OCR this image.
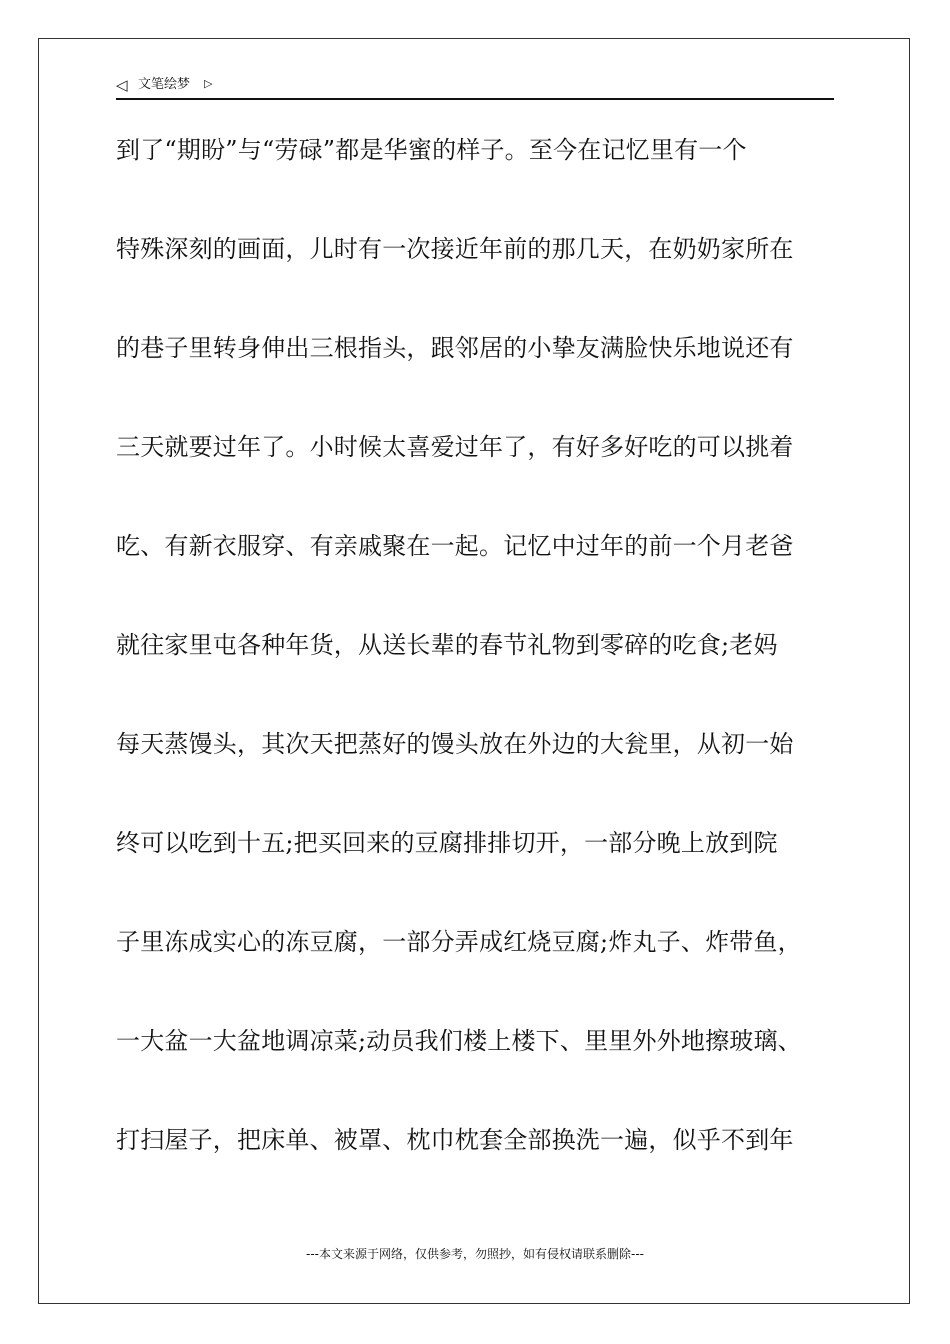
◁ 文笔绘梦 ▷
到了“期盼”与“劳碌”都是华蜜的样子。至今在记忆里有一个
特殊深刻的画面，儿时有一次接近年前的那几天，在奶奶家所在
的巷子里转身伸出三根指头，跟邻居的小挚友满脸快乐地说还有
三天就要过年了。小时候太喜爱过年了，有好多好吃的可以挑着
吃、有新衣服穿、有亲戚聚在一起。记忆中过年的前一个月老爸
就往家里屯各种年货，从送长辈的春节礼物到零碎的吃食;老妈
每天蒸馒头，其次天把蒸好的馒头放在外边的大瓮里，从初一始
终可以吃到十五;把买回来的豆腐排排切开，一部分晚上放到院
子里冻成实心的冻豆腐，一部分弄成红烧豆腐;炸丸子、炸带鱼，
一大盆一大盆地调凉菜;动员我们楼上楼下、里里外外地擦玻璃、
打扫屋子，把床单、被罩、枕巾枕套全部换洗一遍，似乎不到年
---本文来源于网络，仅供参考，勿照抄，如有侵权请联系删除---
